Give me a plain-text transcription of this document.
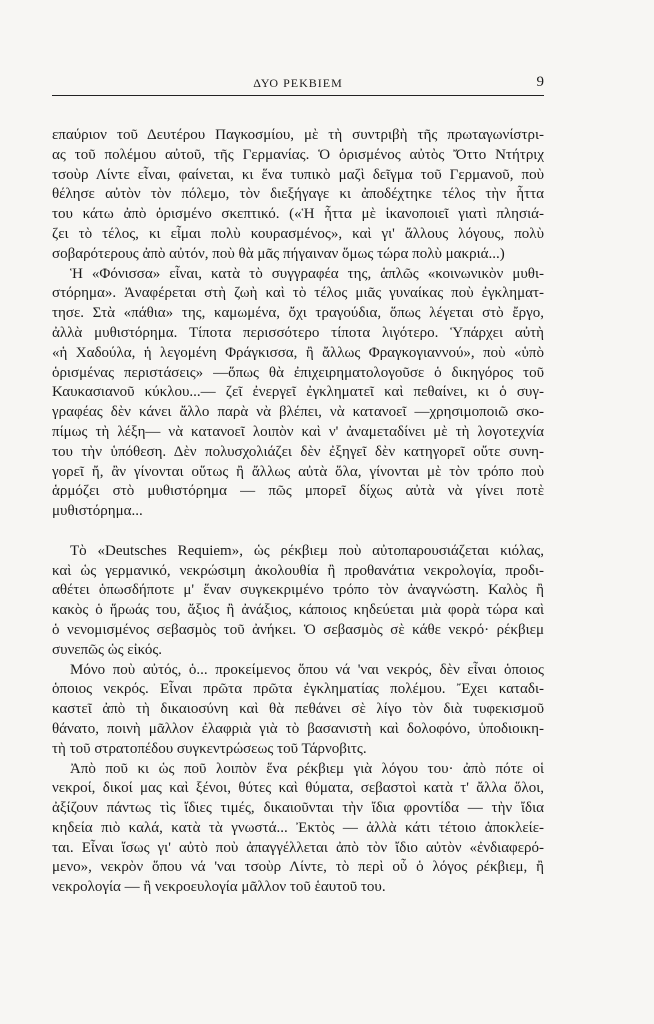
ΔΥΟ ΡΕΚΒΙΕΜ	9
επαύριον τοῦ Δευτέρου Παγκοσμίου, μὲ τὴ συντριβὴ τῆς πρωταγωνίστρι-
ας τοῦ πολέμου αὐτοῦ, τῆς Γερμανίας. Ὁ ὁρισμένος αὐτὸς Ὄττο Ντήτριχ
τσοὺρ Λίντε εἶναι, φαίνεται, κι ἕνα τυπικὸ μαζὶ δεῖγμα τοῦ Γερμανοῦ, ποὺ
θέλησε αὐτὸν τὸν πόλεμο, τὸν διεξήγαγε κι ἀποδέχτηκε τέλος τὴν ἧττα
του κάτω ἀπὸ ὁρισμένο σκεπτικό. («Ἡ ἧττα μὲ ἱκανοποιεῖ γιατὶ πλησιά-
ζει τὸ τέλος, κι εἶμαι πολὺ κουρασμένος», καὶ γι' ἄλλους λόγους, πολὺ
σοβαρότερους ἀπὸ αὐτόν, ποὺ θὰ μᾶς πήγαιναν ὅμως τώρα πολὺ μακριά...)
Ἡ «Φόνισσα» εἶναι, κατὰ τὸ συγγραφέα της, ἁπλῶς «κοινωνικὸν μυθι-
στόρημα». Ἀναφέρεται στὴ ζωὴ καὶ τὸ τέλος μιᾶς γυναίκας ποὺ ἐγκληματ-
τησε. Στὰ «πάθια» της, καμωμένα, ὄχι τραγούδια, ὅπως λέγεται στὸ ἔργο,
ἀλλὰ μυθιστόρημα. Τίποτα περισσότερο τίποτα λιγότερο. Ὑπάρχει αὐτὴ
«ἡ Χαδούλα, ἡ λεγομένη Φράγκισσα, ἢ ἄλλως Φραγκογιαννού», ποὺ «ὑπὸ
ὁρισμένας περιστάσεις» —ὅπως θὰ ἐπιχειρηματολογοῦσε ὁ δικηγόρος τοῦ
Καυκασιανοῦ κύκλου...— ζεῖ ἐνεργεῖ ἐγκληματεῖ καὶ πεθαίνει, κι ὁ συγ-
γραφέας δὲν κάνει ἄλλο παρὰ νὰ βλέπει, νὰ κατανοεῖ —χρησιμοποιῶ σκο-
πίμως τὴ λέξη— νὰ κατανοεῖ λοιπὸν καὶ ν' ἀναμεταδίνει μὲ τὴ λογοτεχνία
του τὴν ὑπόθεση. Δὲν πολυσχολιάζει δὲν ἐξηγεῖ δὲν κατηγορεῖ οὔτε συνη-
γορεῖ ἤ, ἂν γίνονται οὕτως ἢ ἄλλως αὐτὰ ὅλα, γίνονται μὲ τὸν τρόπο ποὺ
ἁρμόζει στὸ μυθιστόρημα — πῶς μπορεῖ δίχως αὐτὰ νὰ γίνει ποτὲ
μυθιστόρημα...
Τὸ «Deutsches Requiem», ὡς ρέκβιεμ ποὺ αὐτοπαρουσιάζεται κιόλας,
καὶ ὡς γερμανικό, νεκρώσιμη ἀκολουθία ἢ προθανάτια νεκρολογία, προδι-
αθέτει ὁπωσδήποτε μ' ἕναν συγκεκριμένο τρόπο τὸν ἀναγνώστη. Καλὸς ἢ
κακὸς ὁ ἥρωάς του, ἄξιος ἢ ἀνάξιος, κάποιος κηδεύεται μιὰ φορὰ τώρα καὶ
ὁ νενομισμένος σεβασμὸς τοῦ ἀνήκει. Ὁ σεβασμὸς σὲ κάθε νεκρό· ρέκβιεμ
συνεπῶς ὡς εἰκός.
Μόνο ποὺ αὐτός, ὁ... προκείμενος ὅπου νά 'ναι νεκρός, δὲν εἶναι ὁποιος
ὁποιος νεκρός. Εἶναι πρῶτα πρῶτα ἐγκληματίας πολέμου. Ἔχει καταδι-
καστεῖ ἀπὸ τὴ δικαιοσύνη καὶ θὰ πεθάνει σὲ λίγο τὸν διὰ τυφεκισμοῦ
θάνατο, ποινὴ μᾶλλον ἐλαφριὰ γιὰ τὸ βασανιστὴ καὶ δολοφόνο, ὑποδιοικη-
τὴ τοῦ στρατοπέδου συγκεντρώσεως τοῦ Τάρνοβιτς.
Ἀπὸ ποῦ κι ὡς ποῦ λοιπὸν ἕνα ρέκβιεμ γιὰ λόγου του· ἀπὸ πότε οἱ
νεκροί, δικοί μας καὶ ξένοι, θύτες καὶ θύματα, σεβαστοὶ κατὰ τ' ἄλλα ὅλοι,
ἀξίζουν πάντως τὶς ἴδιες τιμές, δικαιοῦνται τὴν ἴδια φροντίδα — τὴν ἴδια
κηδεία πιὸ καλά, κατὰ τὰ γνωστά... Ἐκτὸς — ἀλλὰ κάτι τέτοιο ἀποκλείε-
ται. Εἶναι ἴσως γι' αὐτὸ ποὺ ἀπαγγέλλεται ἀπὸ τὸν ἴδιο αὐτὸν «ἐνδιαφερό-
μενο», νεκρὸν ὅπου νά 'ναι τσοὺρ Λίντε, τὸ περὶ οὗ ὁ λόγος ρέκβιεμ, ἢ
νεκρολογία — ἢ νεκροευλογία μᾶλλον τοῦ ἑαυτοῦ του.
